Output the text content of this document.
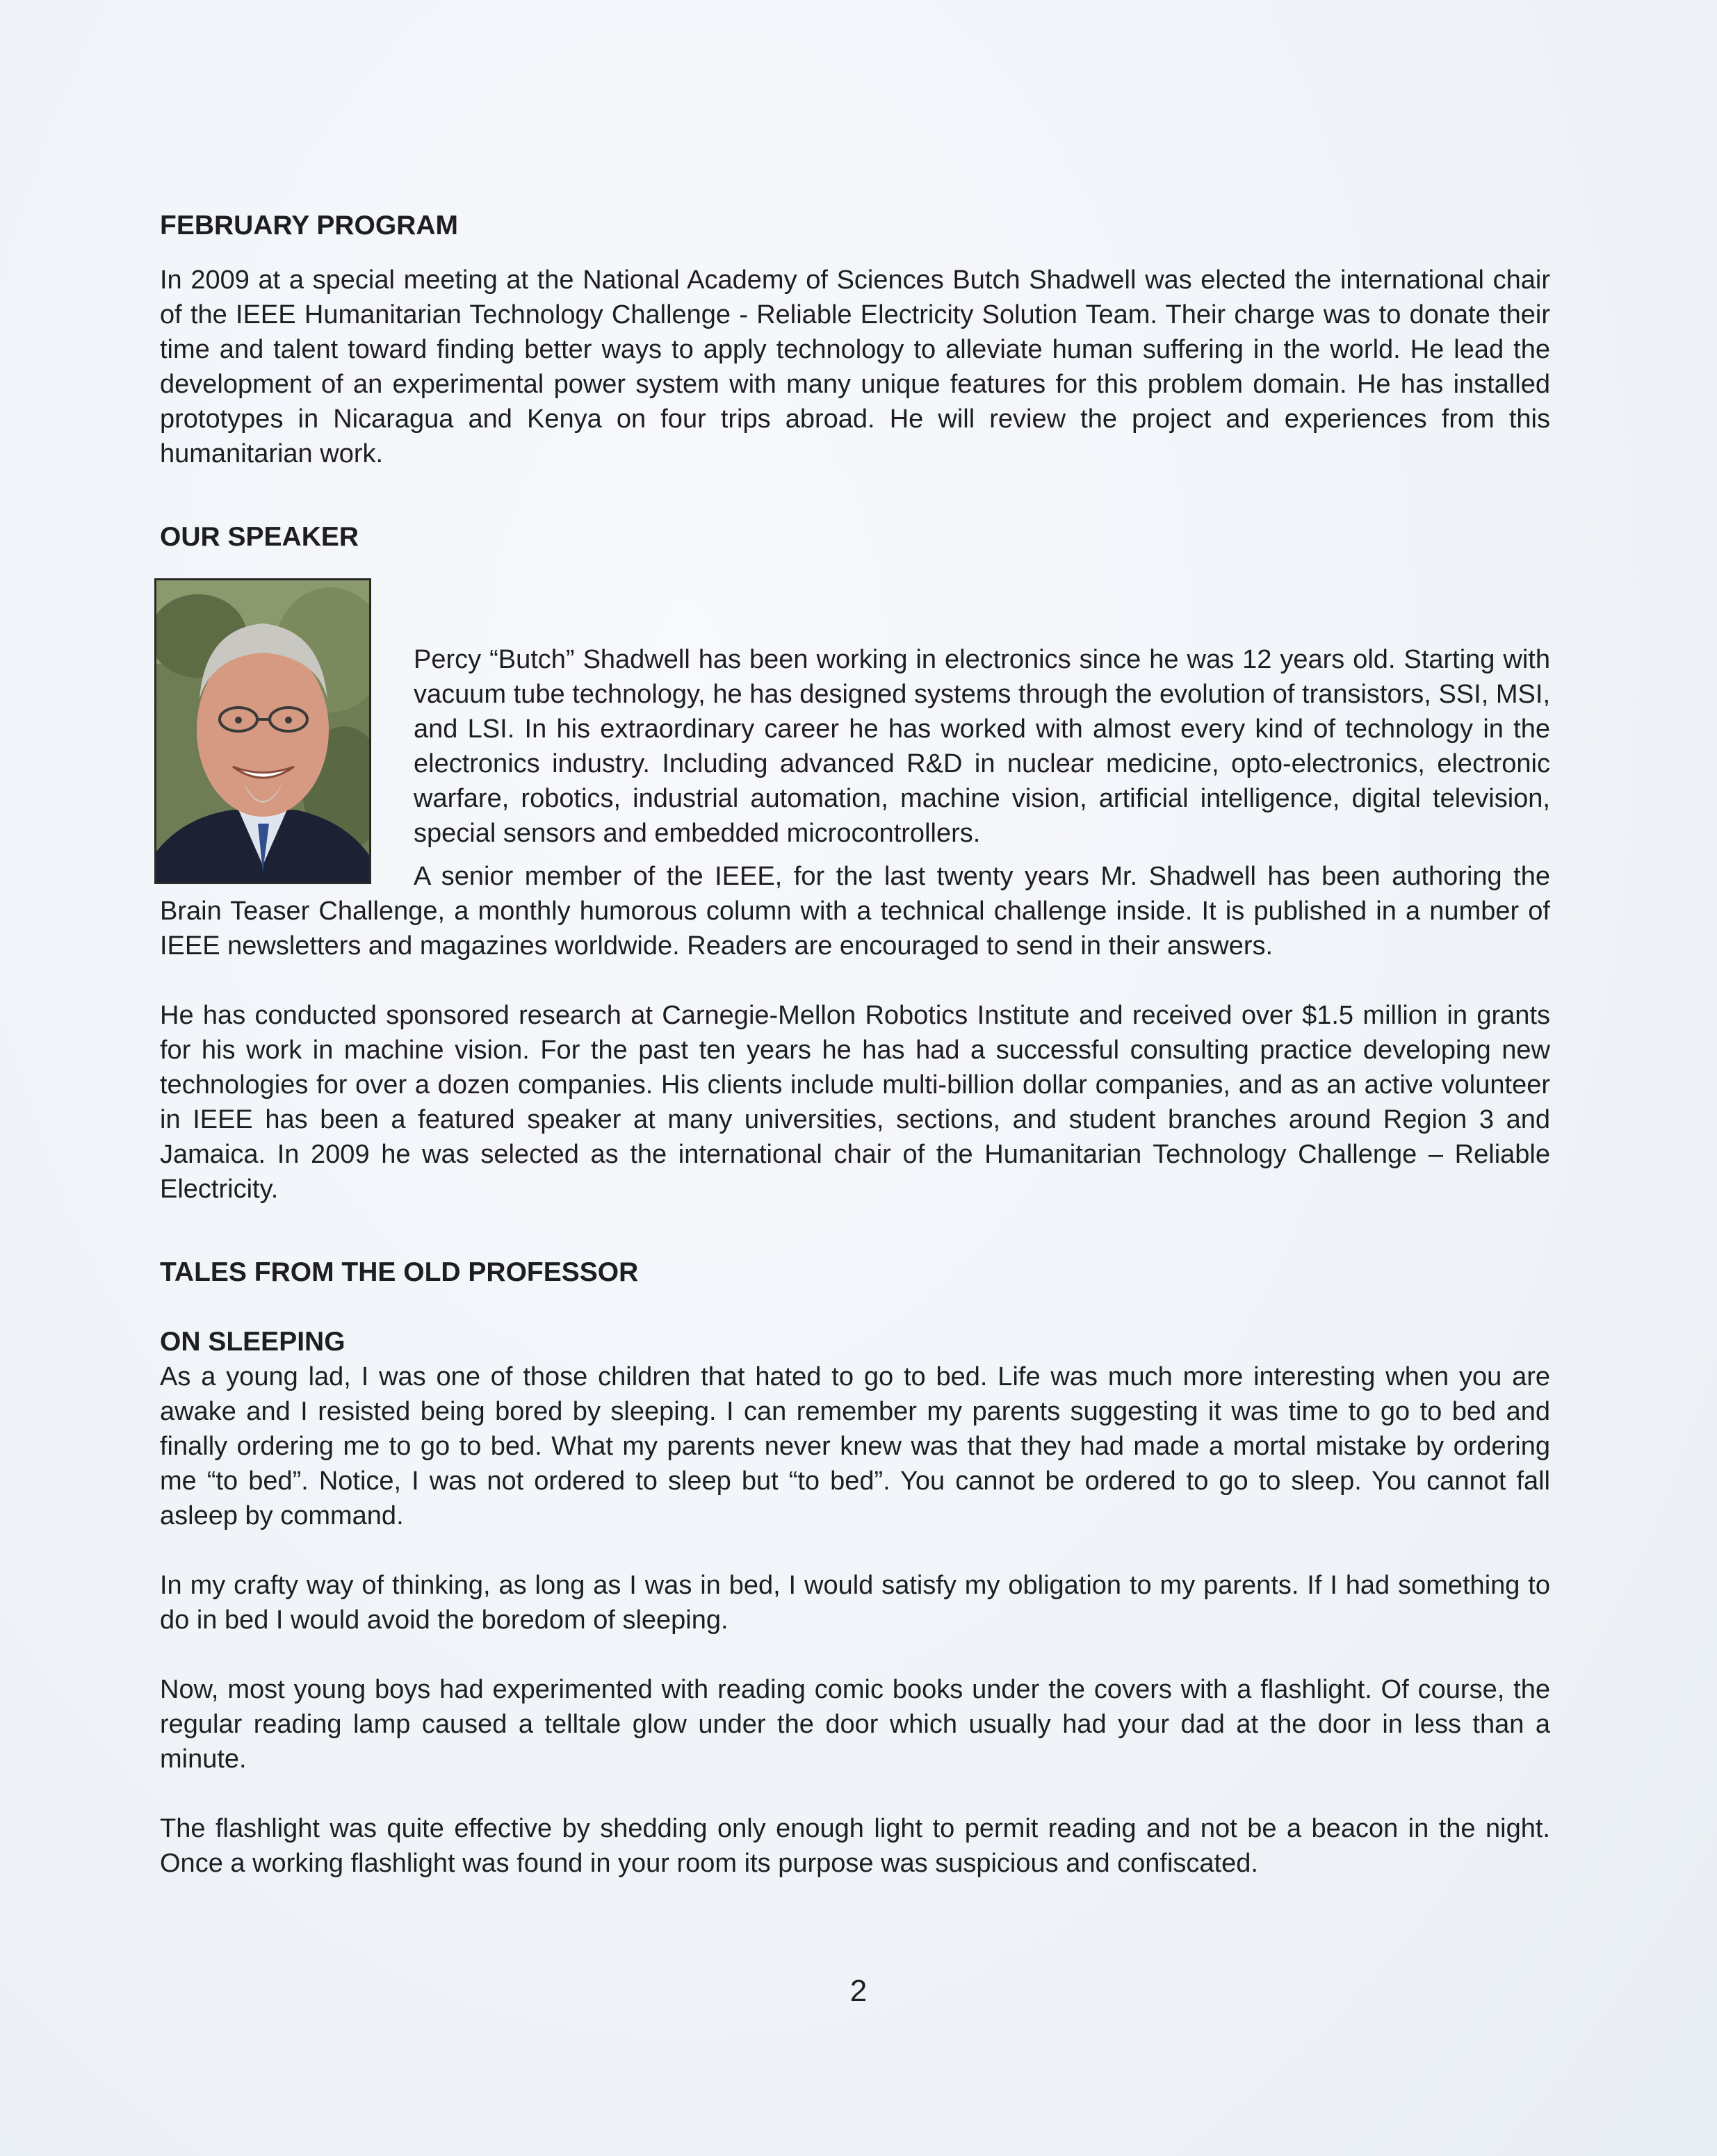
FEBRUARY PROGRAM

In 2009 at a special meeting at the National Academy of Sciences Butch Shadwell was elected the international chair of the IEEE Humanitarian Technology Challenge - Reliable Electricity Solution Team. Their charge was to donate their time and talent toward finding better ways to apply technology to alleviate human suffering in the world. He lead the development of an experimental power system with many unique features for this problem domain. He has installed prototypes in Nicaragua and Kenya on four trips abroad. He will review the project and experiences from this humanitarian work.

OUR SPEAKER

Percy “Butch” Shadwell has been working in electronics since he was 12 years old. Starting with vacuum tube technology, he has designed systems through the evolution of transistors, SSI, MSI, and LSI. In his extraordinary career he has worked with almost every kind of technology in the electronics industry. Including advanced R&D in nuclear medicine, opto-electronics, electronic warfare, robotics, industrial automation, machine vision, artificial intelligence, digital television, special sensors and embedded microcontrollers.

A senior member of the IEEE, for the last twenty years Mr. Shadwell has been authoring the Brain Teaser Challenge, a monthly humorous column with a technical challenge inside. It is published in a number of IEEE newsletters and magazines worldwide. Readers are encouraged to send in their answers.

He has conducted sponsored research at Carnegie-Mellon Robotics Institute and received over $1.5 million in grants for his work in machine vision. For the past ten years he has had a successful consulting practice developing new technologies for over a dozen companies. His clients include multi-billion dollar companies, and as an active volunteer in IEEE has been a featured speaker at many universities, sections, and student branches around Region 3 and Jamaica. In 2009 he was selected as the international chair of the Humanitarian Technology Challenge – Reliable Electricity.

TALES FROM THE OLD PROFESSOR
ON SLEEPING

As a young lad, I was one of those children that hated to go to bed. Life was much more interesting when you are awake and I resisted being bored by sleeping. I can remember my parents suggesting it was time to go to bed and finally ordering me to go to bed. What my parents never knew was that they had made a mortal mistake by ordering me “to bed”. Notice, I was not ordered to sleep but “to bed”. You cannot be ordered to go to sleep. You cannot fall asleep by command.

In my crafty way of thinking, as long as I was in bed, I would satisfy my obligation to my parents. If I had something to do in bed I would avoid the boredom of sleeping.

Now, most young boys had experimented with reading comic books under the covers with a flashlight. Of course, the regular reading lamp caused a telltale glow under the door which usually had your dad at the door in less than a minute.

The flashlight was quite effective by shedding only enough light to permit reading and not be a beacon in the night. Once a working flashlight was found in your room its purpose was suspicious and confiscated.

2
